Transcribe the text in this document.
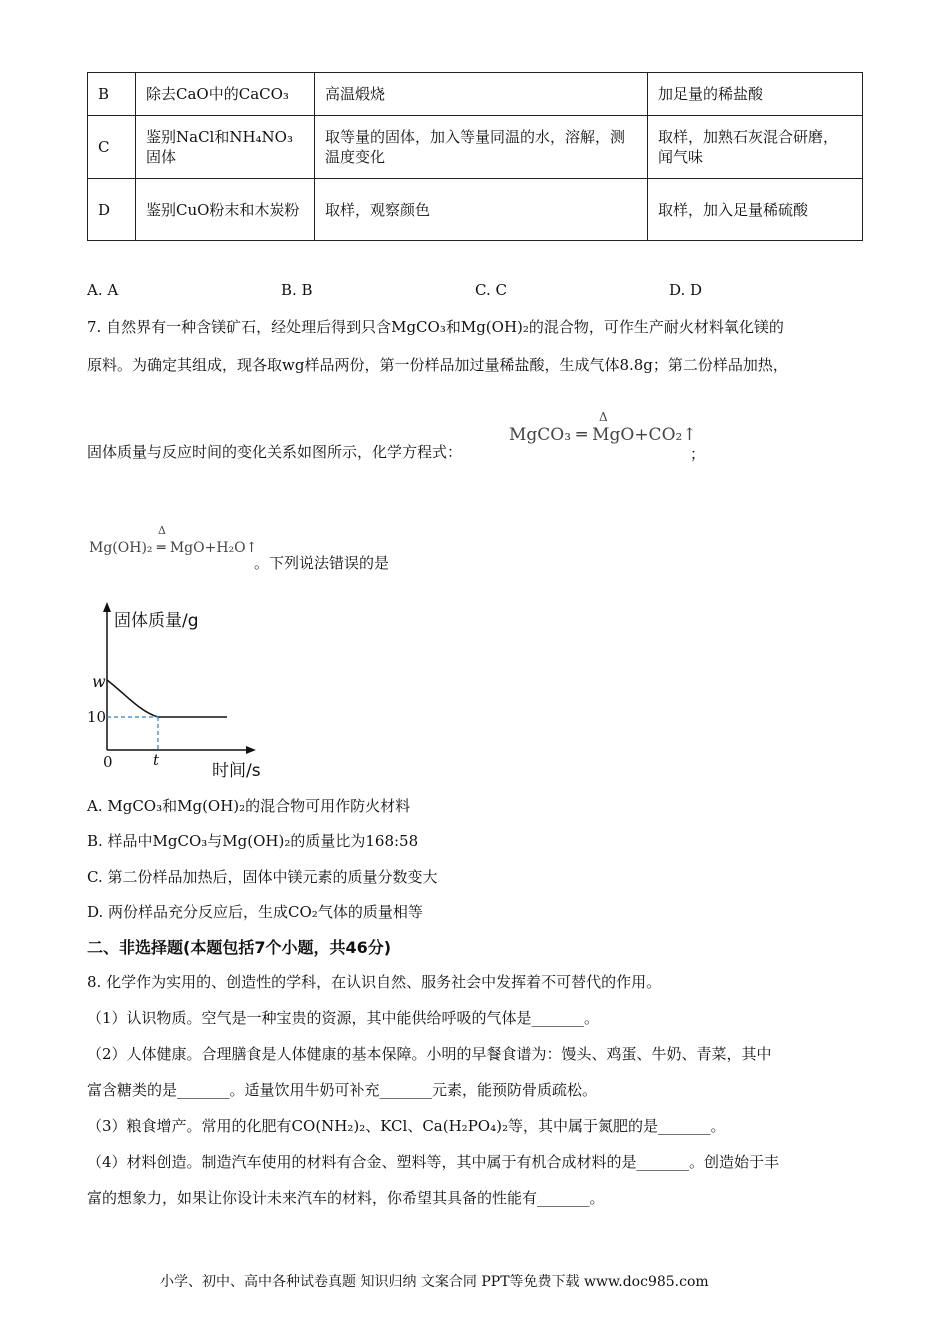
B	除去CaO中的CaCO₃	高温煅烧	加足量的稀盐酸
C	鉴别NaCl和NH₄NO₃固体	取等量的固体，加入等量同温的水，溶解，测温度变化	取样，加熟石灰混合研磨，闻气味
D	鉴别CuO粉末和木炭粉	取样，观察颜色	取样，加入足量稀硫酸
A. A	B. B	C. C	D. D
7. 自然界有一种含镁矿石，经处理后得到只含MgCO₃和Mg(OH)₂的混合物，可作生产耐火材料氧化镁的
原料。为确定其组成，现各取wg样品两份，第一份样品加过量稀盐酸，生成气体8.8g；第二份样品加热，
固体质量与反应时间的变化关系如图所示，化学方程式：
MgCO₃ ═ MgO+CO₂↑
Δ
；
Mg(OH)₂ ═ MgO+H₂O↑
Δ
。下列说法错误的是
固体质量/g
w
10
0	t
时间/s
A. MgCO₃和Mg(OH)₂的混合物可用作防火材料
B. 样品中MgCO₃与Mg(OH)₂的质量比为168:58
C. 第二份样品加热后，固体中镁元素的质量分数变大
D. 两份样品充分反应后，生成CO₂气体的质量相等
二、非选择题(本题包括7个小题，共46分)
8. 化学作为实用的、创造性的学科，在认识自然、服务社会中发挥着不可替代的作用。
（1）认识物质。空气是一种宝贵的资源，其中能供给呼吸的气体是_______。
（2）人体健康。合理膳食是人体健康的基本保障。小明的早餐食谱为：馒头、鸡蛋、牛奶、青菜，其中
富含糖类的是_______。适量饮用牛奶可补充_______元素，能预防骨质疏松。
（3）粮食增产。常用的化肥有CO(NH₂)₂、KCl、Ca(H₂PO₄)₂等，其中属于氮肥的是_______。
（4）材料创造。制造汽车使用的材料有合金、塑料等，其中属于有机合成材料的是_______。创造始于丰
富的想象力，如果让你设计未来汽车的材料，你希望其具备的性能有_______。
小学、初中、高中各种试卷真题 知识归纳 文案合同 PPT等免费下载 www.doc985.com
